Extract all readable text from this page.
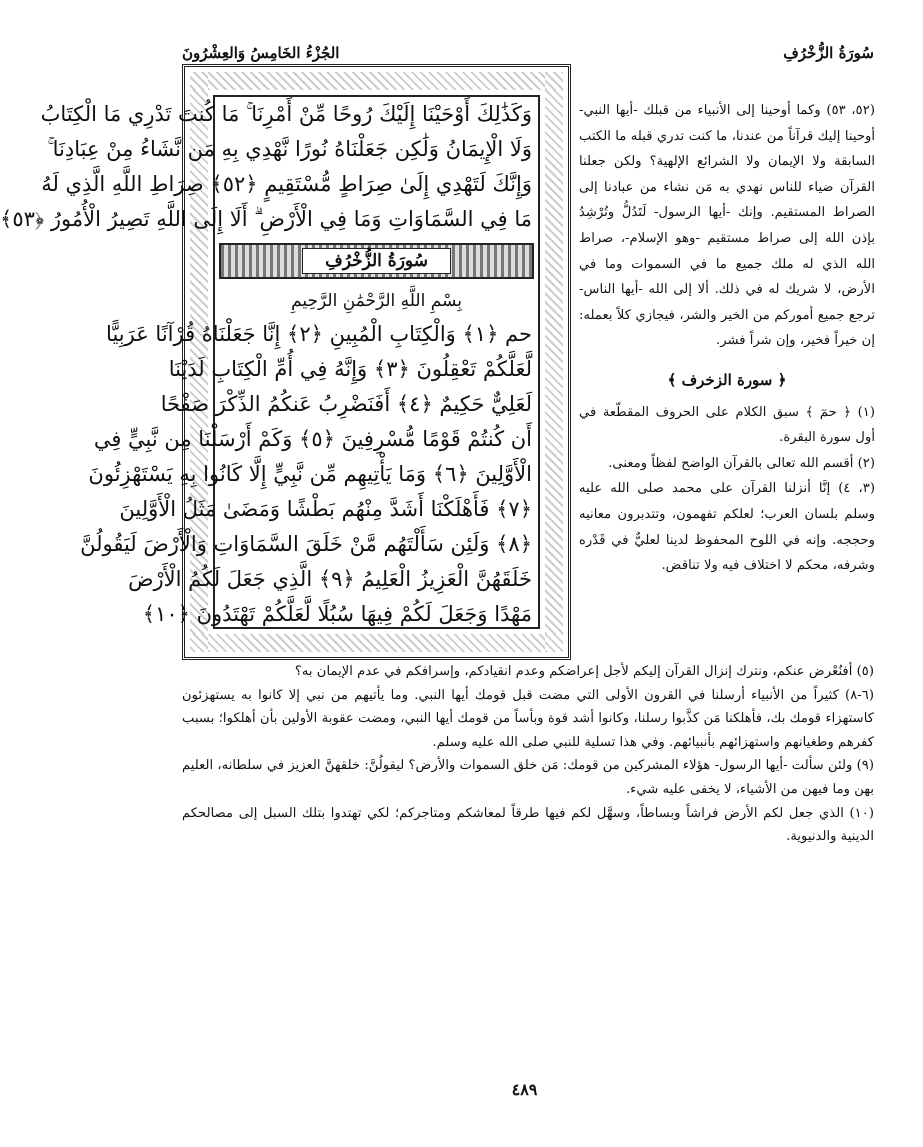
سُورَةُ الزُّخْرُفِ
الجُزْءُ الخَامِسُ وَالعِشْرُونَ
وَكَذَٰلِكَ أَوْحَيْنَا إِلَيْكَ رُوحًا مِّنْ أَمْرِنَا ۚ مَا كُنتَ تَدْرِي مَا الْكِتَابُ
وَلَا الْإِيمَانُ وَلَٰكِن جَعَلْنَاهُ نُورًا نَّهْدِي بِهِ مَن نَّشَاءُ مِنْ عِبَادِنَا ۚ
وَإِنَّكَ لَتَهْدِي إِلَىٰ صِرَاطٍ مُّسْتَقِيمٍ ﴿٥٢﴾ صِرَاطِ اللَّهِ الَّذِي لَهُ
مَا فِي السَّمَاوَاتِ وَمَا فِي الْأَرْضِ ۗ أَلَا إِلَى اللَّهِ تَصِيرُ الْأُمُورُ ﴿٥٣﴾
سُورَةُ الزُّخْرُفِ
بِسْمِ اللَّهِ الرَّحْمَٰنِ الرَّحِيمِ
حم ﴿١﴾ وَالْكِتَابِ الْمُبِينِ ﴿٢﴾ إِنَّا جَعَلْنَاهُ قُرْآنًا عَرَبِيًّا
لَّعَلَّكُمْ تَعْقِلُونَ ﴿٣﴾ وَإِنَّهُ فِي أُمِّ الْكِتَابِ لَدَيْنَا
لَعَلِيٌّ حَكِيمٌ ﴿٤﴾ أَفَنَضْرِبُ عَنكُمُ الذِّكْرَ صَفْحًا
أَن كُنتُمْ قَوْمًا مُّسْرِفِينَ ﴿٥﴾ وَكَمْ أَرْسَلْنَا مِن نَّبِيٍّ فِي
الْأَوَّلِينَ ﴿٦﴾ وَمَا يَأْتِيهِم مِّن نَّبِيٍّ إِلَّا كَانُوا بِهِ يَسْتَهْزِئُونَ
﴿٧﴾ فَأَهْلَكْنَا أَشَدَّ مِنْهُم بَطْشًا وَمَضَىٰ مَثَلُ الْأَوَّلِينَ
﴿٨﴾ وَلَئِن سَأَلْتَهُم مَّنْ خَلَقَ السَّمَاوَاتِ وَالْأَرْضَ لَيَقُولُنَّ
خَلَقَهُنَّ الْعَزِيزُ الْعَلِيمُ ﴿٩﴾ الَّذِي جَعَلَ لَكُمُ الْأَرْضَ
مَهْدًا وَجَعَلَ لَكُمْ فِيهَا سُبُلًا لَّعَلَّكُمْ تَهْتَدُونَ ﴿١٠﴾

(٥٢، ٥٣) وكما أوحينا إلى الأنبياء من قبلك -أيها النبي- أوحينا إليك قرآناً من عندنا، ما كنت تدري قبله ما الكتب السابقة ولا الإيمان ولا الشرائع الإلهية؟ ولكن جعلنا القرآن ضياء للناس نهدي به مَن نشاء من عبادنا إلى الصراط المستقيم. وإنك -أيها الرسول- لَتَدُلُّ وتُرْشِدُ بإذن الله إلى صراط مستقيم -وهو الإسلام-، صراط الله الذي له ملك جميع ما في السموات وما في الأرض، لا شريك له في ذلك. ألا إلى الله -أيها الناس- ترجع جميع أموركم من الخير والشر، فيجازي كلاً بعمله: إن خيراً فخير، وإن شراً فشر.

﴿ سورة الزخرف ﴾

(١) ﴿ حمٓ ﴾ سبق الكلام على الحروف المقطّعة في أول سورة البقرة.

(٢) أقسم الله تعالى بالقرآن الواضح لفظاً ومعنى.

(٣، ٤) إنَّا أنزلنا القرآن على محمد صلى الله عليه وسلم بلسان العرب؛ لعلكم تفهمون، وتتدبرون معانيه وحججه. وإنه في اللوح المحفوظ لدينا لعليٌّ في قَدْره وشرفه، محكم لا اختلاف فيه ولا تناقض.

(٥) أفنُعْرض عنكم، ونترك إنزال القرآن إليكم لأجل إعراضكم وعدم انقيادكم، وإسرافكم في عدم الإيمان به؟

(٦-٨) كثيراً من الأنبياء أرسلنا في القرون الأولى التي مضت قبل قومك أيها النبي. وما يأتيهم من نبي إلا كانوا به يستهزئون كاستهزاء قومك بك، فأهلكنا مَن كذَّبوا رسلنا، وكانوا أشد قوة وبأساً من قومك أيها النبي، ومضت عقوبة الأولين بأن أهلكوا؛ بسبب كفرهم وطغيانهم واستهزائهم بأنبيائهم. وفي هذا تسلية للنبي صلى الله عليه وسلم.

(٩) ولئن سألت -أيها الرسول- هؤلاء المشركين من قومك: مَن خلق السموات والأرض؟ ليقولُنَّ: خلقهنَّ العزيز في سلطانه، العليم بهن وما فيهن من الأشياء، لا يخفى عليه شيء.

(١٠) الذي جعل لكم الأرض فراشاً وبساطاً، وسهَّل لكم فيها طرقاً لمعاشكم ومتاجركم؛ لكي تهتدوا بتلك السبل إلى مصالحكم الدينية والدنيوية.

٤٨٩
